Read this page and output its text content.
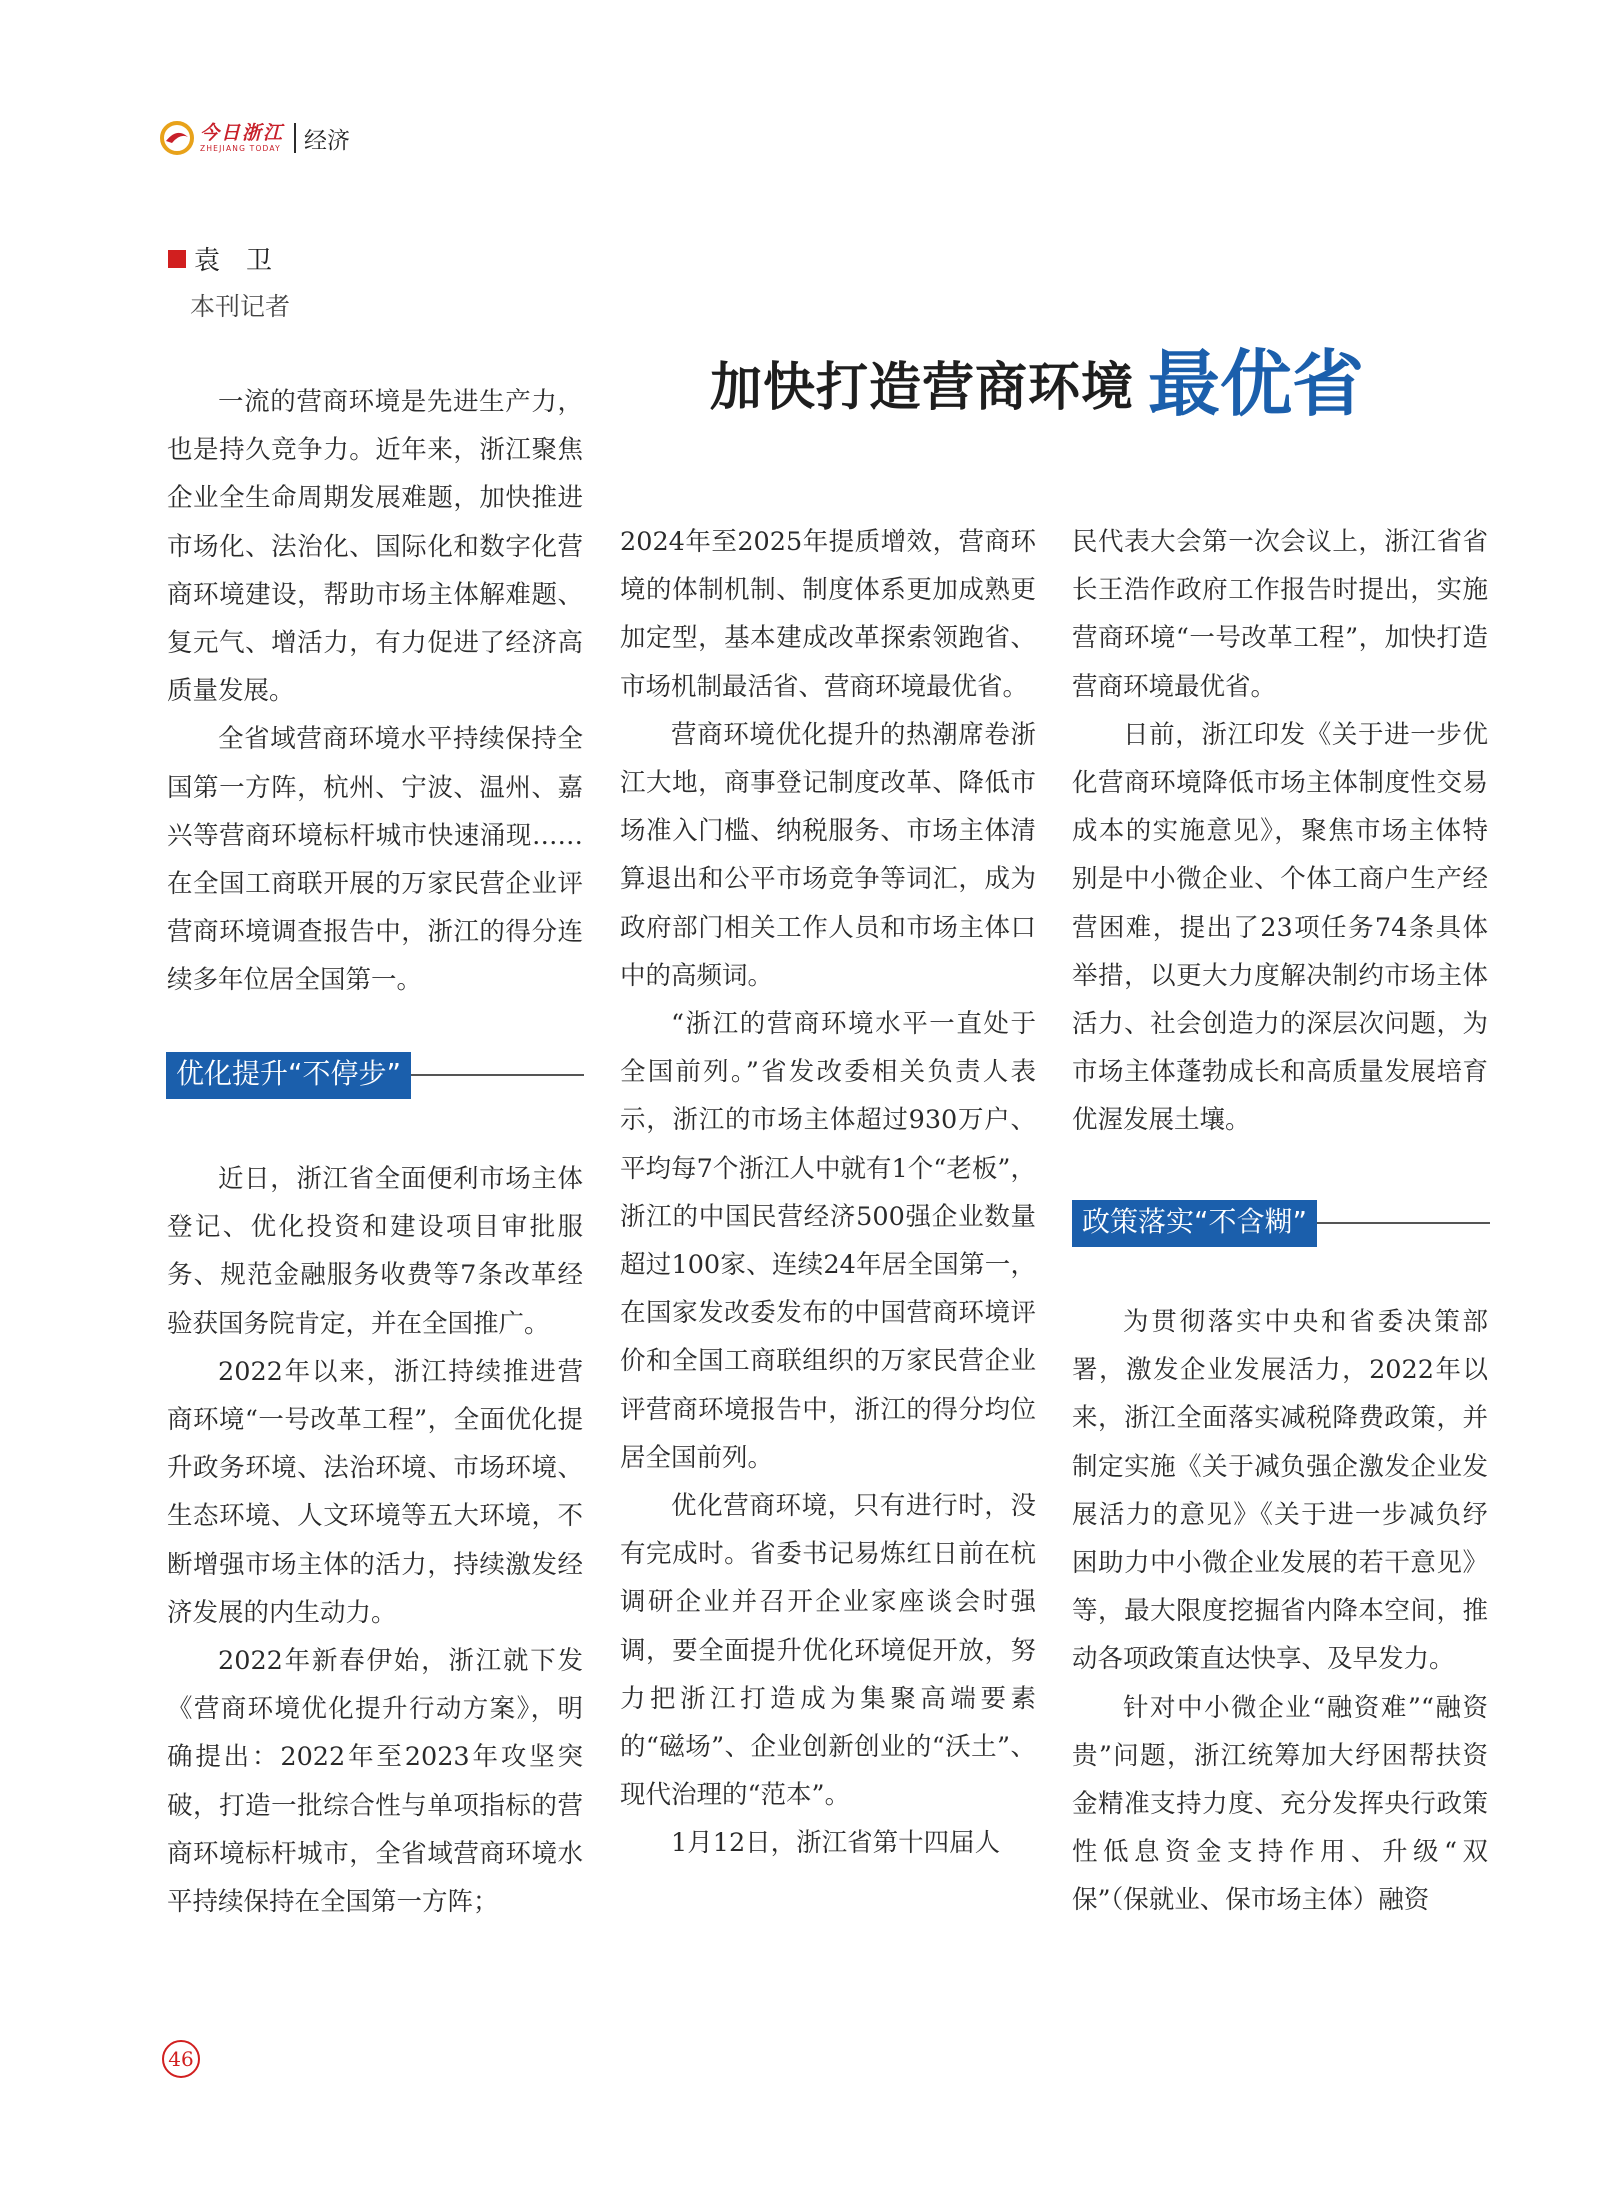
今日浙江
ZHEJIANG TODAY 经济
袁　卫
本刊记者
加快打造营商环境 最优省

一流的营商环境是先进生产力，也是持久竞争力。近年来，浙江聚焦企业全生命周期发展难题，加快推进市场化、法治化、国际化和数字化营商环境建设，帮助市场主体解难题、复元气、增活力，有力促进了经济高质量发展。

全省域营商环境水平持续保持全国第一方阵，杭州、宁波、温州、嘉兴等营商环境标杆城市快速涌现……在全国工商联开展的万家民营企业评营商环境调查报告中，浙江的得分连续多年位居全国第一。

优化提升“不停步”

近日，浙江省全面便利市场主体登记、优化投资和建设项目审批服务、规范金融服务收费等7条改革经验获国务院肯定，并在全国推广。

2022年以来，浙江持续推进营商环境“一号改革工程”，全面优化提升政务环境、法治环境、市场环境、生态环境、人文环境等五大环境，不断增强市场主体的活力，持续激发经济发展的内生动力。

2022年新春伊始，浙江就下发《营商环境优化提升行动方案》，明确提出：2022年至2023年攻坚突破，打造一批综合性与单项指标的营商环境标杆城市，全省域营商环境水平持续保持在全国第一方阵；

2024年至2025年提质增效，营商环境的体制机制、制度体系更加成熟更加定型，基本建成改革探索领跑省、市场机制最活省、营商环境最优省。

营商环境优化提升的热潮席卷浙江大地，商事登记制度改革、降低市场准入门槛、纳税服务、市场主体清算退出和公平市场竞争等词汇，成为政府部门相关工作人员和市场主体口中的高频词。

“浙江的营商环境水平一直处于全国前列。”省发改委相关负责人表示，浙江的市场主体超过930万户、平均每7个浙江人中就有1个“老板”，浙江的中国民营经济500强企业数量超过100家、连续24年居全国第一，在国家发改委发布的中国营商环境评价和全国工商联组织的万家民营企业评营商环境报告中，浙江的得分均位居全国前列。

优化营商环境，只有进行时，没有完成时。省委书记易炼红日前在杭调研企业并召开企业家座谈会时强调，要全面提升优化环境促开放，努力把浙江打造成为集聚高端要素的“磁场”、企业创新创业的“沃土”、现代治理的“范本”。

1月12日，浙江省第十四届人

民代表大会第一次会议上，浙江省省长王浩作政府工作报告时提出，实施营商环境“一号改革工程”，加快打造营商环境最优省。

日前，浙江印发《关于进一步优化营商环境降低市场主体制度性交易成本的实施意见》，聚焦市场主体特别是中小微企业、个体工商户生产经营困难，提出了23项任务74条具体举措，以更大力度解决制约市场主体活力、社会创造力的深层次问题，为市场主体蓬勃成长和高质量发展培育优渥发展土壤。

政策落实“不含糊”

为贯彻落实中央和省委决策部署，激发企业发展活力，2022年以来，浙江全面落实减税降费政策，并制定实施《关于减负强企激发企业发展活力的意见》《关于进一步减负纾困助力中小微企业发展的若干意见》等，最大限度挖掘省内降本空间，推动各项政策直达快享、及早发力。

针对中小微企业“融资难”“融资贵”问题，浙江统筹加大纾困帮扶资金精准支持力度、充分发挥央行政策性低息资金支持作用、升级“双保”（保就业、保市场主体）融资

46
